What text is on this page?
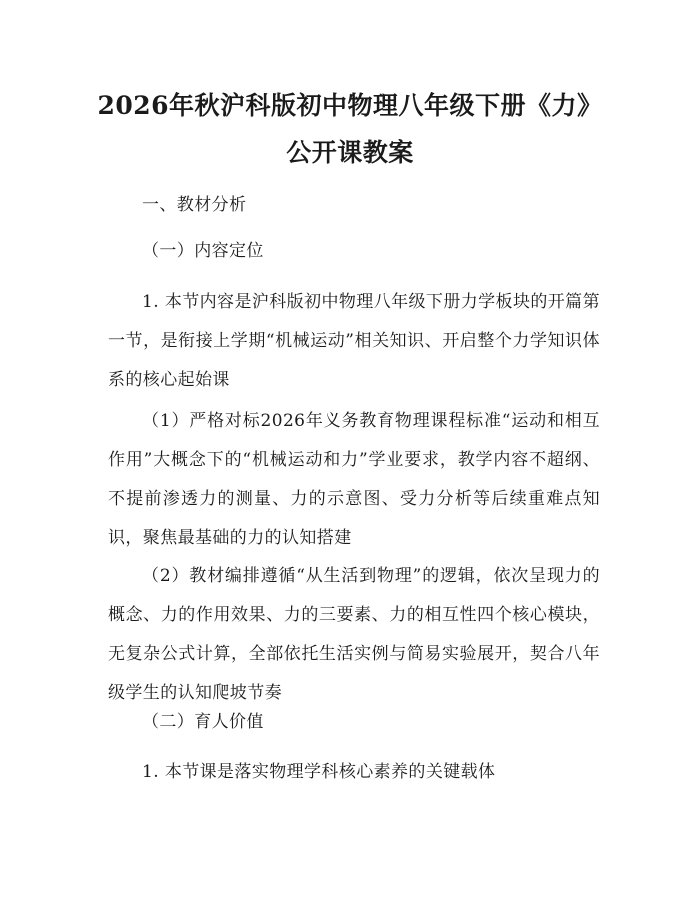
2026年秋沪科版初中物理八年级下册《力》
公开课教案
一、教材分析
（一）内容定位
1. 本节内容是沪科版初中物理八年级下册力学板块的开篇第一节，是衔接上学期“机械运动”相关知识、开启整个力学知识体系的核心起始课
（1）严格对标2026年义务教育物理课程标准“运动和相互作用”大概念下的“机械运动和力”学业要求，教学内容不超纲、不提前渗透力的测量、力的示意图、受力分析等后续重难点知识，聚焦最基础的力的认知搭建
（2）教材编排遵循“从生活到物理”的逻辑，依次呈现力的概念、力的作用效果、力的三要素、力的相互性四个核心模块，无复杂公式计算，全部依托生活实例与简易实验展开，契合八年级学生的认知爬坡节奏
（二）育人价值
1. 本节课是落实物理学科核心素养的关键载体
